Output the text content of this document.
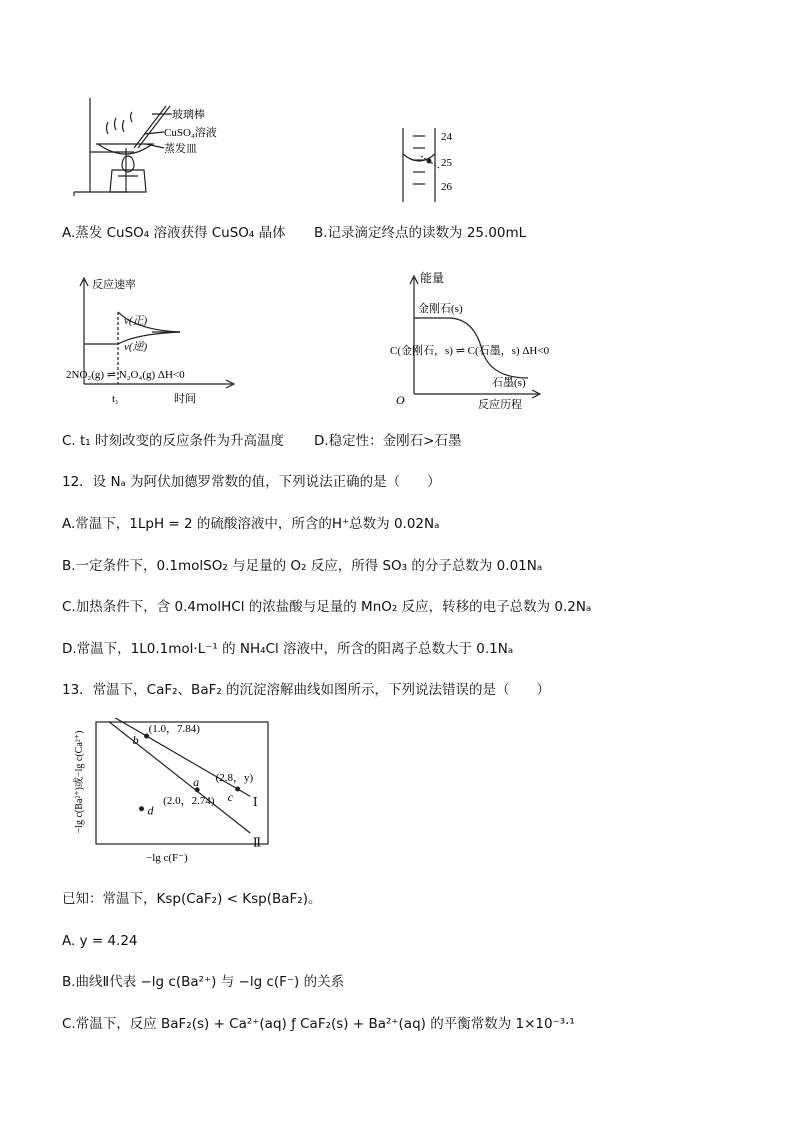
玻璃棒
CuSO₄溶液
蒸发皿
24
25
26
A.蒸发 CuSO₄ 溶液获得 CuSO₄ 晶体 B.记录滴定终点的读数为 25.00mL
反应速率
v(正)
v(逆)
2NO₂(g) ⇌ N₂O₄(g) ΔH<0
t₁	时间
能量
金刚石(s)
C(金刚石，s) ⇌ C(石墨，s) ΔH<0
石墨(s)
O	反应历程
C. t₁ 时刻改变的反应条件为升高温度 D.稳定性：金刚石>石墨
12．设 Nₐ 为阿伏加德罗常数的值，下列说法正确的是（　　）
A.常温下，1LpH = 2 的硫酸溶液中，所含的H⁺总数为 0.02Nₐ
B.一定条件下，0.1molSO₂ 与足量的 O₂ 反应，所得 SO₃ 的分子总数为 0.01Nₐ
C.加热条件下，含 0.4molHCl 的浓盐酸与足量的 MnO₂ 反应，转移的电子总数为 0.2Nₐ
D.常温下，1L0.1mol·L⁻¹ 的 NH₄Cl 溶液中，所含的阳离子总数大于 0.1Nₐ
13．常温下，CaF₂、BaF₂ 的沉淀溶解曲线如图所示，下列说法错误的是（　　）
−lg c(Ba²⁺)或−lg c(Ca²⁺)
−lg c(F⁻)
Ⅰ
Ⅱ
b
(1.0，7.84)
c
(2.8，y)
a
(2.0，2.74)
d
已知：常温下，Ksp(CaF₂) < Ksp(BaF₂)。
A. y = 4.24
B.曲线Ⅱ代表 −lg c(Ba²⁺) 与 −lg c(F⁻) 的关系
C.常温下，反应 BaF₂(s) + Ca²⁺(aq) ƒ CaF₂(s) + Ba²⁺(aq) 的平衡常数为 1×10⁻³·¹
